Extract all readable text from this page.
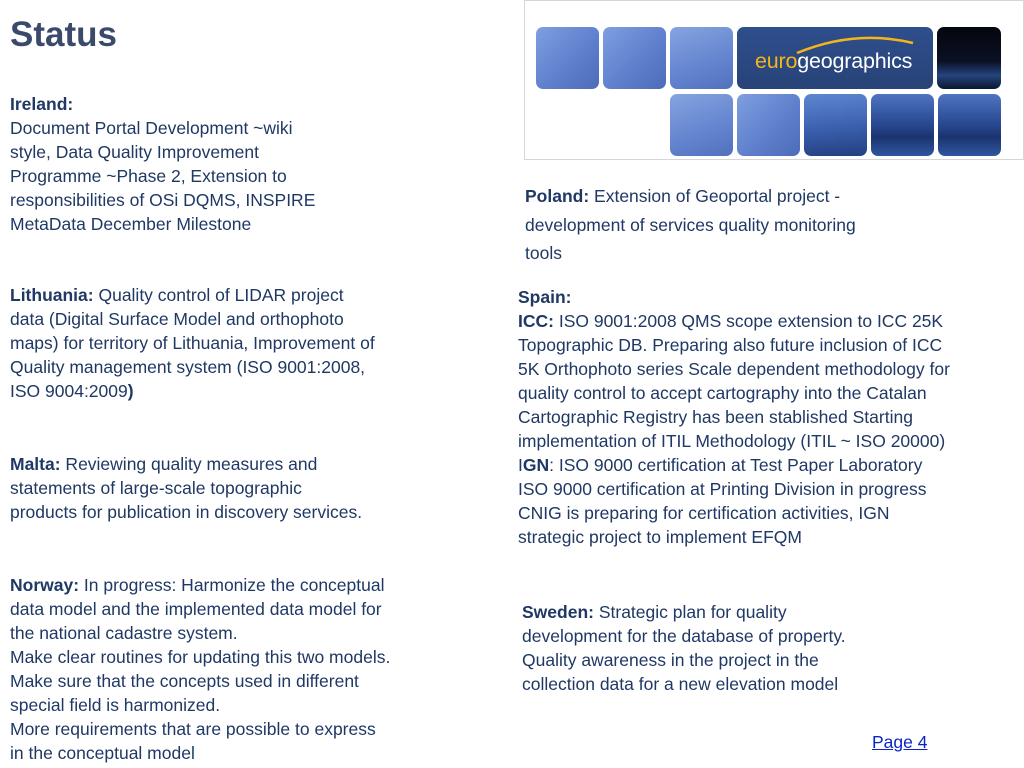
Status
Ireland:
Document Portal Development ~wiki
style, Data Quality Improvement
Programme ~Phase 2, Extension to
responsibilities of OSi DQMS, INSPIRE
MetaData December Milestone
Lithuania: Quality control of LIDAR project
data (Digital Surface Model and orthophoto
maps) for territory of Lithuania, Improvement of
Quality management system (ISO 9001:2008,
ISO 9004:2009)
Malta: Reviewing quality measures and
statements of large-scale topographic
products for publication in discovery services.
Norway: In progress: Harmonize the conceptual
data model and the implemented data model for
the national cadastre system.
Make clear routines for updating this two models.
Make sure that the concepts used in different
special field is harmonized.
More requirements that are possible to express
in the conceptual model
eurogeographics
Poland: Extension of Geoportal project -
development of services quality monitoring
tools
Spain:
ICC: ISO 9001:2008 QMS scope extension to ICC 25K
Topographic DB. Preparing also future inclusion of ICC
5K Orthophoto series Scale dependent methodology for
quality control to accept cartography into the Catalan
Cartographic Registry has been stablished Starting
implementation of ITIL Methodology (ITIL ~ ISO 20000)
IGN: ISO 9000 certification at Test Paper Laboratory
ISO 9000 certification at Printing Division in progress
CNIG is preparing for certification activities, IGN
strategic project to implement EFQM
Sweden: Strategic plan for quality
development for the database of property.
Quality awareness in the project in the
collection data for a new elevation model
Page 4
